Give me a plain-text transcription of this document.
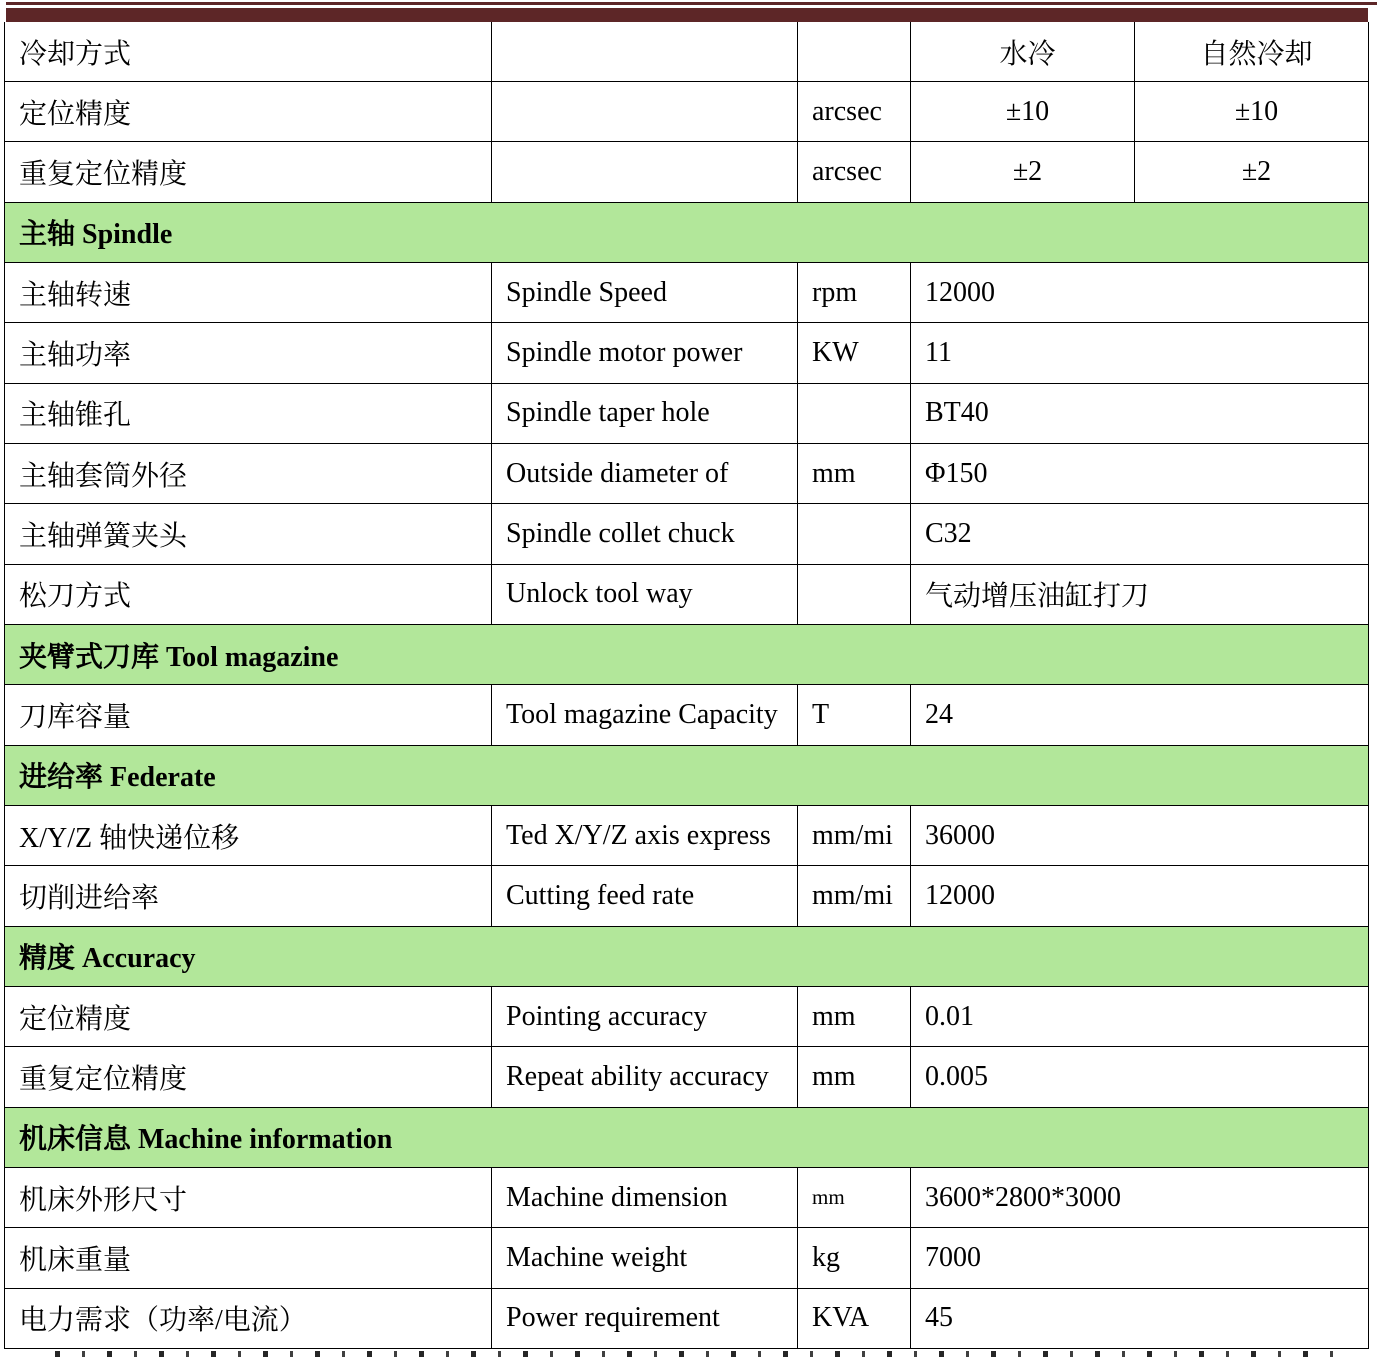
冷却方式			水冷	自然冷却
定位精度		arcsec	±10	±10
重复定位精度		arcsec	±2	±2
主轴 Spindle				
主轴转速	Spindle Speed	rpm	12000	
主轴功率	Spindle motor power	KW	11	
主轴锥孔	Spindle taper hole		BT40	
主轴套筒外径	Outside diameter of	mm	Φ150	
主轴弹簧夹头	Spindle collet chuck		C32	
松刀方式	Unlock tool way		气动增压油缸打刀	
夹臂式刀库 Tool magazine				
刀库容量	Tool magazine Capacity	T	24	
进给率 Federate				
X/Y/Z 轴快递位移	Ted X/Y/Z axis express	mm/mi	36000	
切削进给率	Cutting feed rate	mm/mi	12000	
精度 Accuracy				
定位精度	Pointing accuracy	mm	0.01	
重复定位精度	Repeat ability accuracy	mm	0.005	
机床信息 Machine information				
机床外形尺寸	Machine dimension	mm	3600*2800*3000	
机床重量	Machine weight	kg	7000	
电力需求（功率/电流）	Power requirement	KVA	45	
